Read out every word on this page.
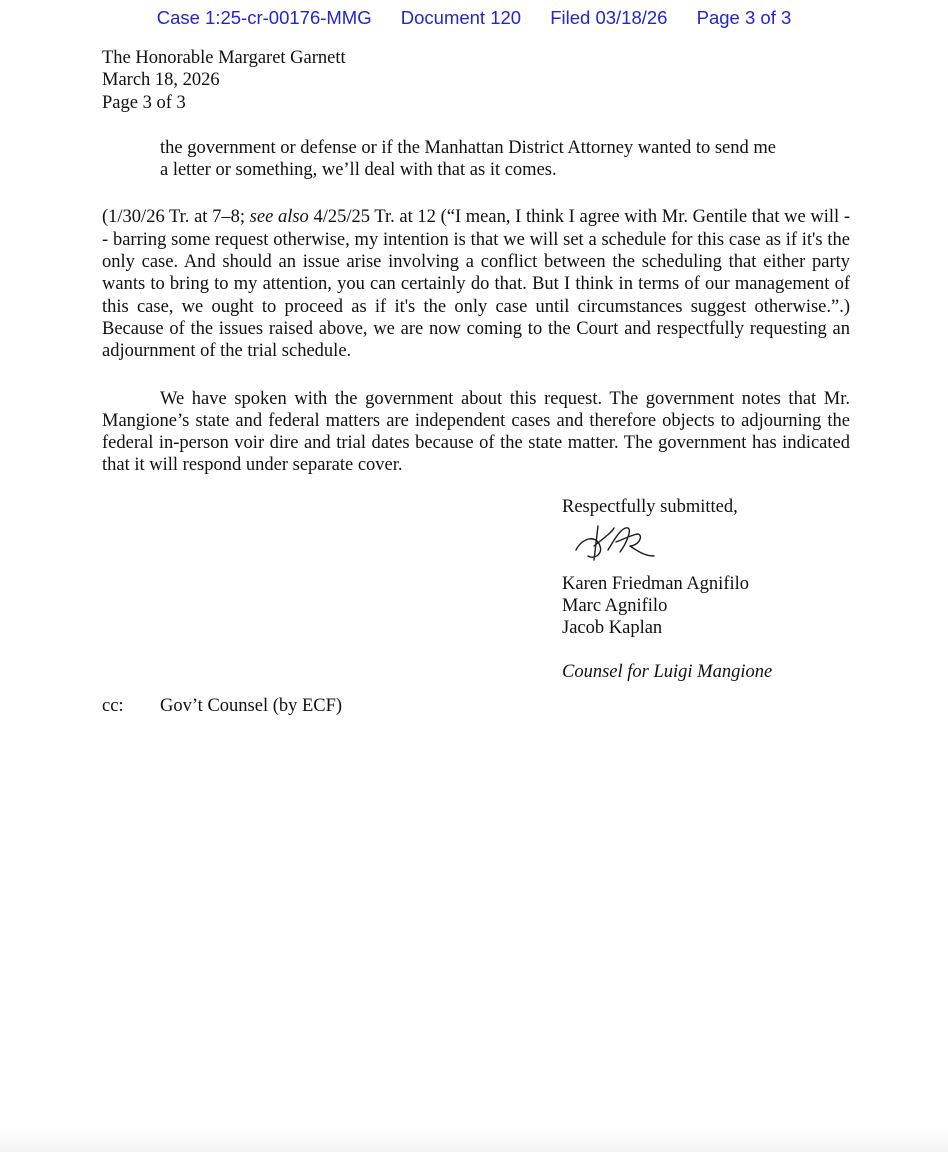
Case 1:25-cr-00176-MMG Document 120 Filed 03/18/26 Page 3 of 3
The Honorable Margaret Garnett
March 18, 2026
Page 3 of 3
the government or defense or if the Manhattan District Attorney wanted to send me
a letter or something, we’ll deal with that as it comes.

(1/30/26 Tr. at 7–8; see also 4/25/25 Tr. at 12 (“I mean, I think I agree with Mr. Gentile that we will -- barring some request otherwise, my intention is that we will set a schedule for this case as if it's the only case. And should an issue arise involving a conflict between the scheduling that either party wants to bring to my attention, you can certainly do that. But I think in terms of our management of this case, we ought to proceed as if it's the only case until circumstances suggest otherwise.”.) Because of the issues raised above, we are now coming to the Court and respectfully requesting an adjournment of the trial schedule.

We have spoken with the government about this request. The government notes that Mr. Mangione’s state and federal matters are independent cases and therefore objects to adjourning the federal in-person voir dire and trial dates because of the state matter. The government has indicated that it will respond under separate cover.

Respectfully submitted,
Karen Friedman Agnifilo
Marc Agnifilo
Jacob Kaplan
Counsel for Luigi Mangione
cc: Gov’t Counsel (by ECF)
